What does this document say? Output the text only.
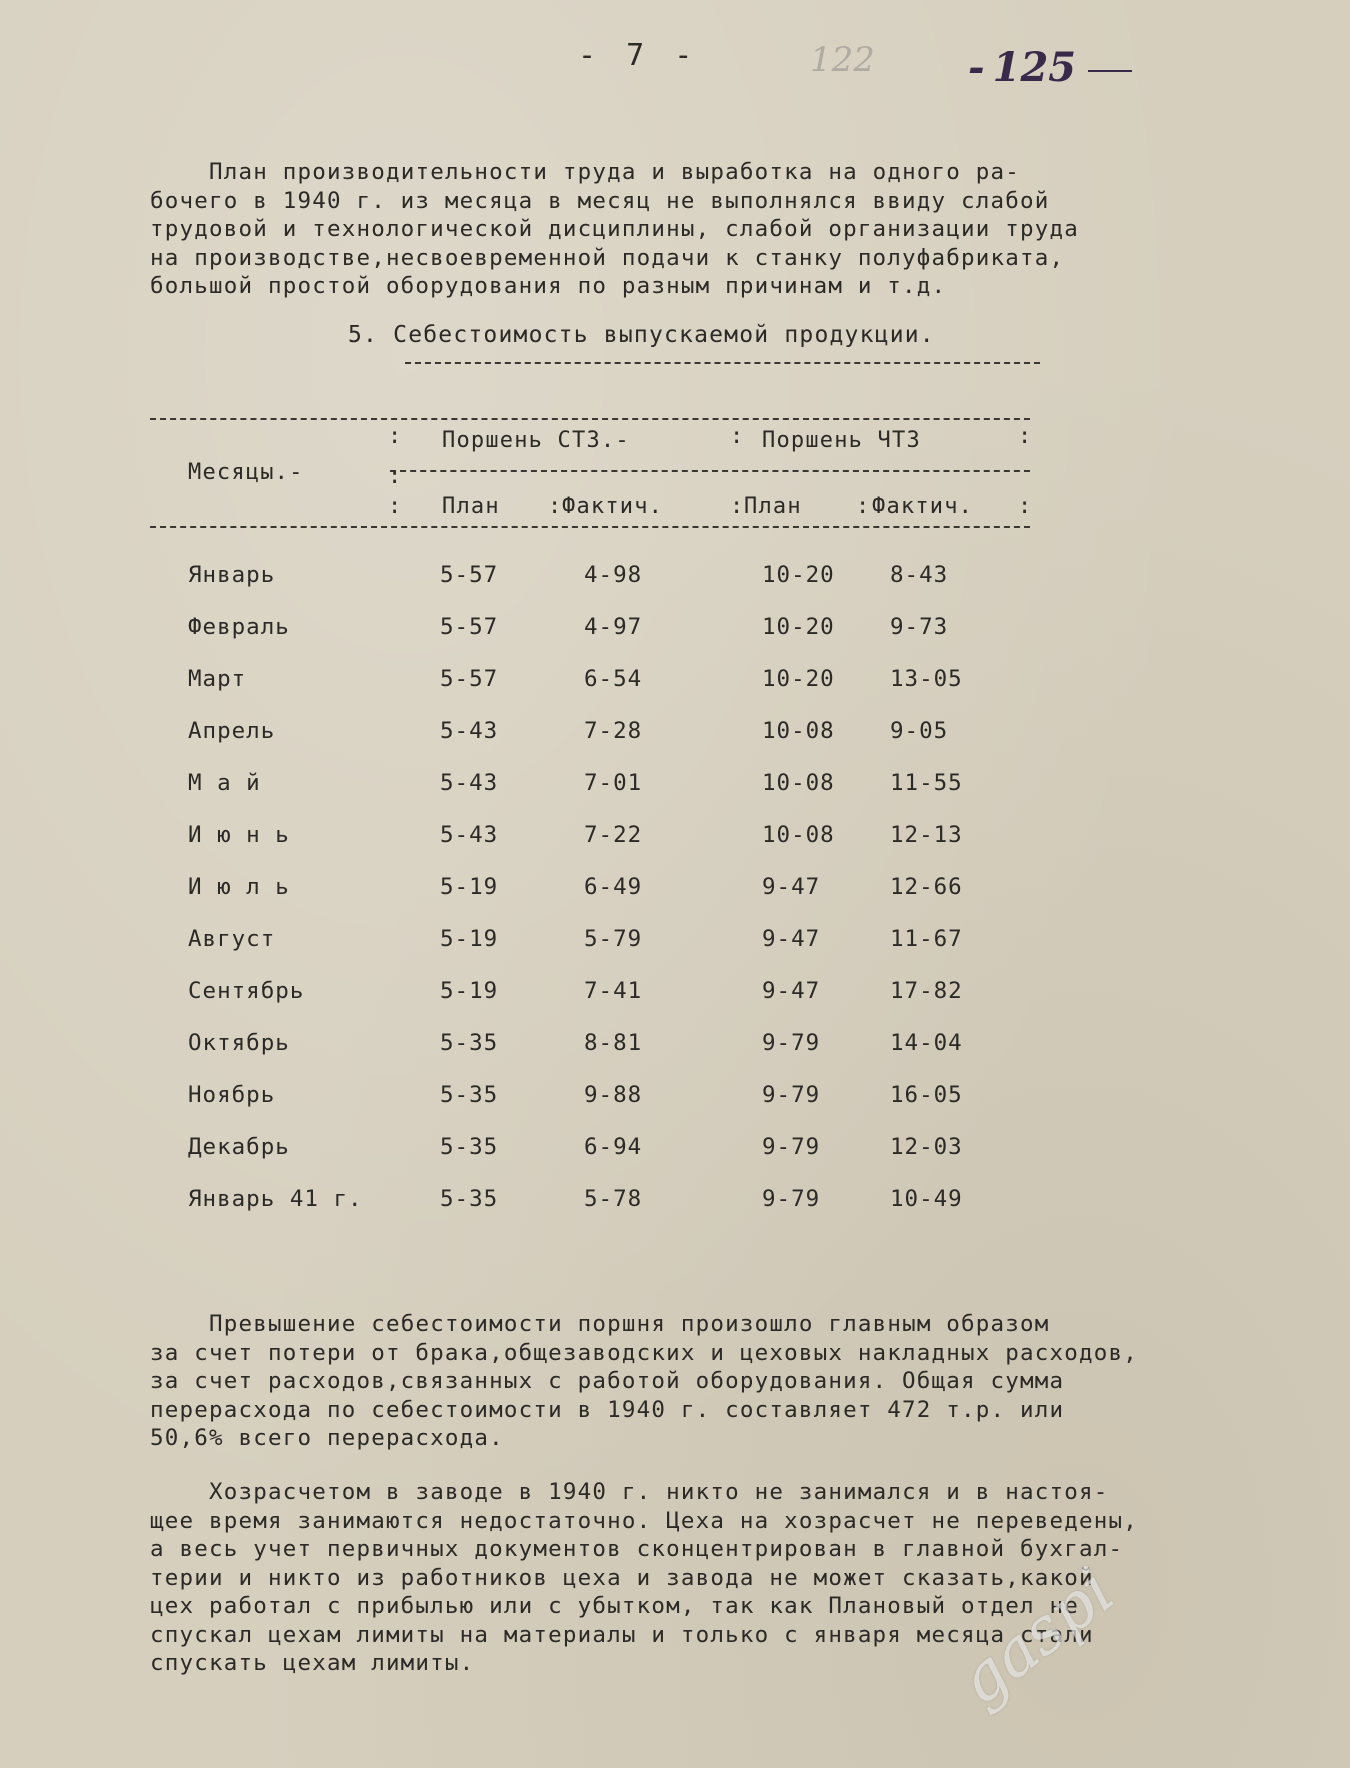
- 7 -	122
-	125

План производительности труда и выработка на одного ра-
бочего в 1940 г. из месяца в месяц не выполнялся ввиду слабой
трудовой и технологической дисциплины, слабой организации труда
на производстве,несвоевременной подачи к станку полуфабриката,
большой простой оборудования по разным причинам и т.д.

5. Себестоимость выпускаемой продукции.
:
:
:
:
:
:	:
:
:
Месяцы.-
Поршень СТЗ.-	Поршень ЧТЗ
План	Фактич.	План	Фактич.
Январь	5-57	4-98	10-20 8-43
Февраль	5-57	4-97	10-20 9-73
Март	5-57	6-54	10-20 13-05
Апрель	5-43	7-28	10-08 9-05
М а й	5-43	7-01	10-08 11-55
И ю н ь	5-43	7-22	10-08 12-13
И ю л ь	5-19	6-49	9-47	12-66
Август	5-19	5-79	9-47	11-67
Сентябрь	5-19	7-41	9-47	17-82
Октябрь	5-35	8-81	9-79	14-04
Ноябрь	5-35	9-88	9-79	16-05
Декабрь	5-35	6-94	9-79	12-03
Январь 41 г.	5-35	5-78	9-79	10-49

Превышение себестоимости поршня произошло главным образом
за счет потери от брака,общезаводских и цеховых накладных расходов,
за счет расходов,связанных с работой оборудования. Общая сумма
перерасхода по себестоимости в 1940 г. составляет 472 т.р. или
50,6% всего перерасхода.

Хозрасчетом в заводе в 1940 г. никто не занимался и в настоя-
щее время занимаются недостаточно. Цеха на хозрасчет не переведены,
а весь учет первичных документов сконцентрирован в главной бухгал-
терии и никто из работников цеха и завода не может сказать,какой
цех работал с прибылью или с убытком, так как Плановый отдел не
спускал цехам лимиты на материалы и только с января месяца стали
спускать цехам лимиты.	gaspi
